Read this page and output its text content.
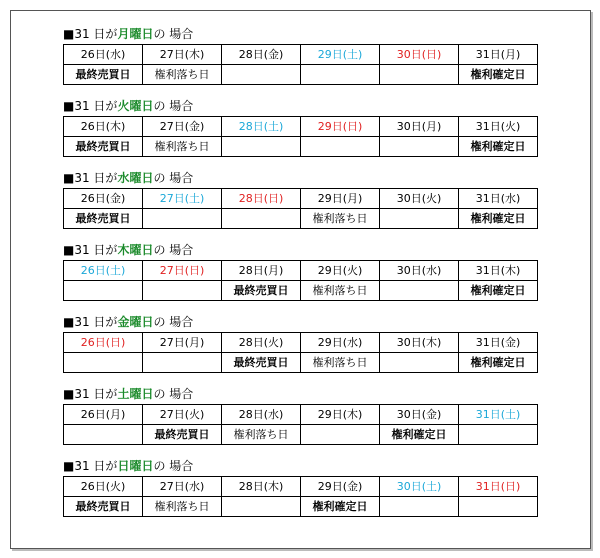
■31 日が月曜日の 場合
26日(水)	27日(木)	28日(金)	29日(土)	30日(日)	31日(月)
最終売買日	権利落ち日				権利確定日
■31 日が火曜日の 場合
26日(木)	27日(金)	28日(土)	29日(日)	30日(月)	31日(火)
最終売買日	権利落ち日				権利確定日
■31 日が水曜日の 場合
26日(金)	27日(土)	28日(日)	29日(月)	30日(火)	31日(水)
最終売買日			権利落ち日		権利確定日
■31 日が木曜日の 場合
26日(土)	27日(日)	28日(月)	29日(火)	30日(水)	31日(木)
		最終売買日	権利落ち日		権利確定日
■31 日が金曜日の 場合
26日(日)	27日(月)	28日(火)	29日(水)	30日(木)	31日(金)
		最終売買日	権利落ち日		権利確定日
■31 日が土曜日の 場合
26日(月)	27日(火)	28日(水)	29日(木)	30日(金)	31日(土)
	最終売買日	権利落ち日		権利確定日	
■31 日が日曜日の 場合
26日(火)	27日(水)	28日(木)	29日(金)	30日(土)	31日(日)
最終売買日	権利落ち日		権利確定日		
